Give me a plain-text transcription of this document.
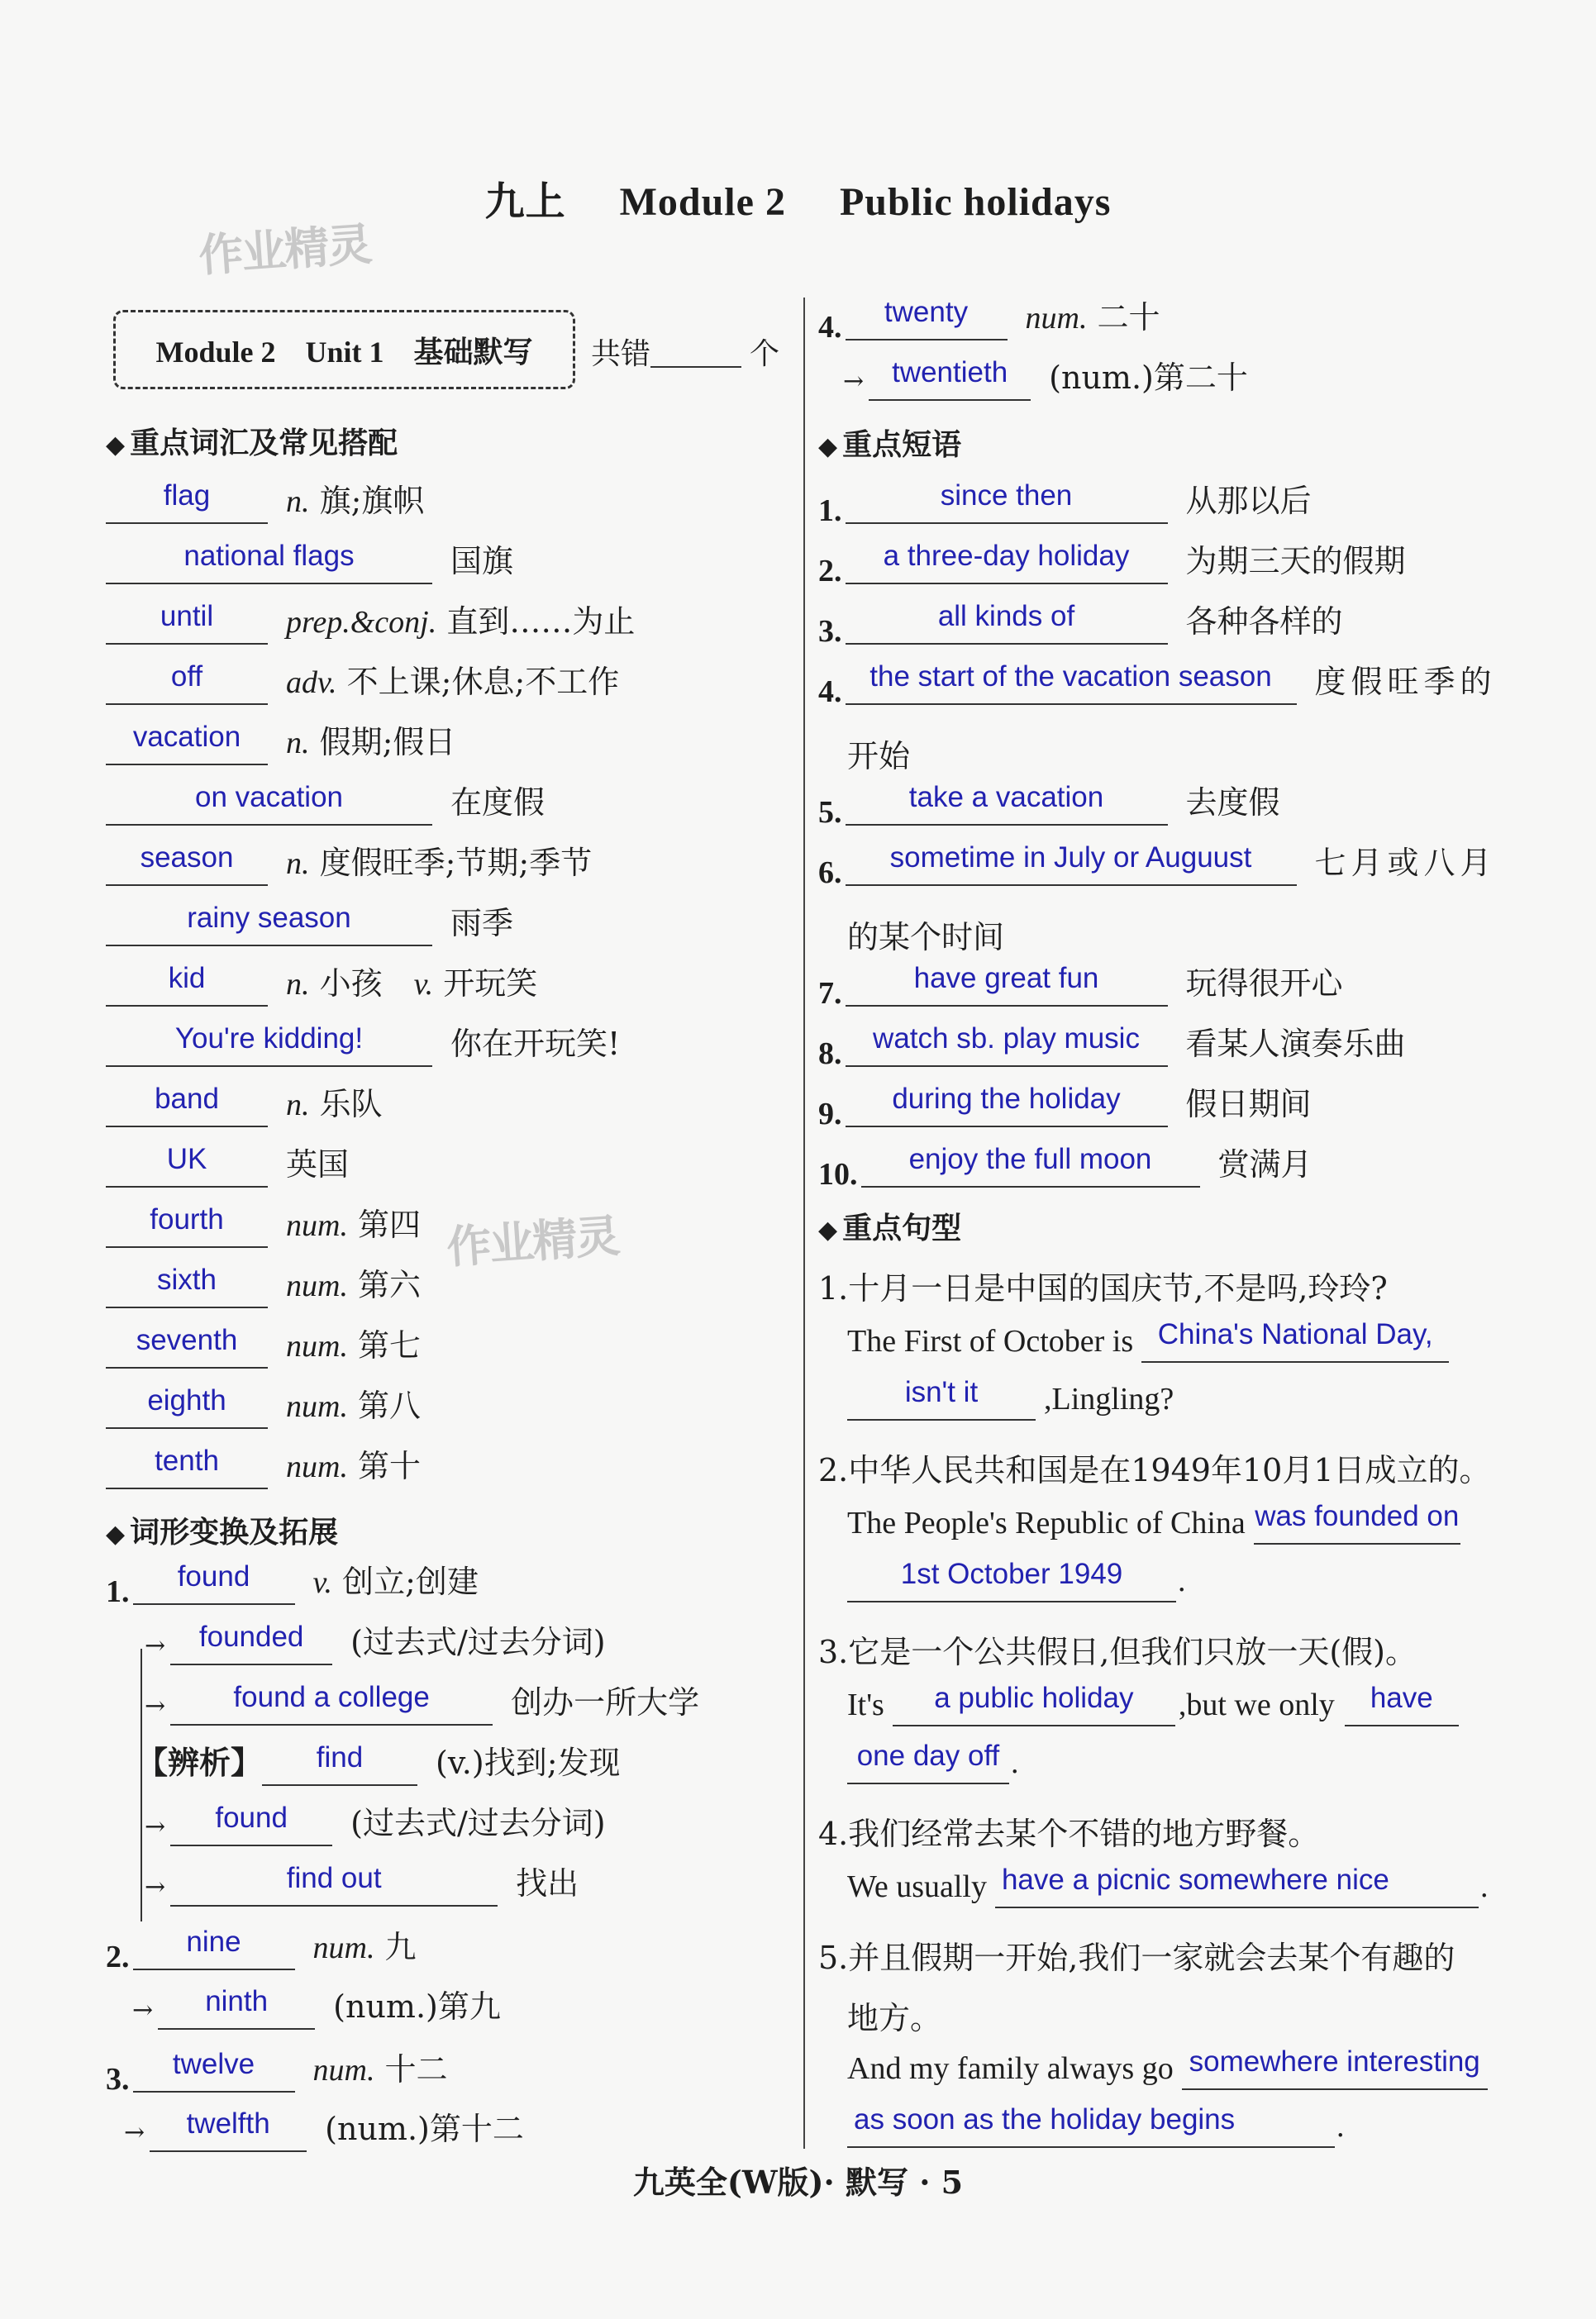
作业精灵
作业精灵
九上 Module 2 Public holidays
Module 2　Unit 1　基础默写 共错	个
◆ 重点词汇及常见搭配
flag	n. 旗;旗帜
national flags	国旗
until	prep.&conj. 直到……为止
off	adv. 不上课;休息;不工作
vacation	n. 假期;假日
on vacation	在度假
season	n. 度假旺季;节期;季节
rainy season	雨季
kid	n. 小孩　v. 开玩笑
You're kidding!	你在开玩笑!
band	n. 乐队
UK	英国
fourth	num. 第四
sixth	num. 第六
seventh	num. 第七
eighth	num. 第八
tenth	num. 第十
◆ 词形变换及拓展
1.	found	v. 创立;创建
→	founded	(过去式/过去分词)
→	found a college	创办一所大学
【辨析】	find	(v.)找到;发现
→	found	(过去式/过去分词)
→	find out	找出
2.	nine	num. 九
→	ninth	(num.)第九
3.	twelve	num. 十二
→	twelfth	(num.)第十二
4.	twenty	num. 二十
→ twentieth	(num.)第二十
◆ 重点短语
1.	since then	从那以后
2.	a three-day holiday	为期三天的假期
3.	all kinds of	各种各样的
4. the start of the vacation season	度假旺季的
开始
5.	take a vacation	去度假
6.	sometime in July or Auguust	七月或八月
的某个时间
7.	have great fun	玩得很开心
8.	watch sb. play music	看某人演奏乐曲
9.	during the holiday	假日期间
10.	enjoy the full moon	赏满月
◆ 重点句型
1.十月一日是中国的国庆节,不是吗,玲玲?
The First of October is China's National Day,
isn't it	,Lingling?
2.中华人民共和国是在1949年10月1日成立的。
The People's Republic of China was founded on
1st October 1949	.
3.它是一个公共假日,但我们只放一天(假)。
It's	a public holiday	,but we only	have
one day off .
4.我们经常去某个不错的地方野餐。
We usually have a picnic somewhere nice	.
5.并且假期一开始,我们一家就会去某个有趣的
地方。
And my family always go somewhere interesting
as soon as the holiday begins	.
九英全(W版)· 默写 · 5
